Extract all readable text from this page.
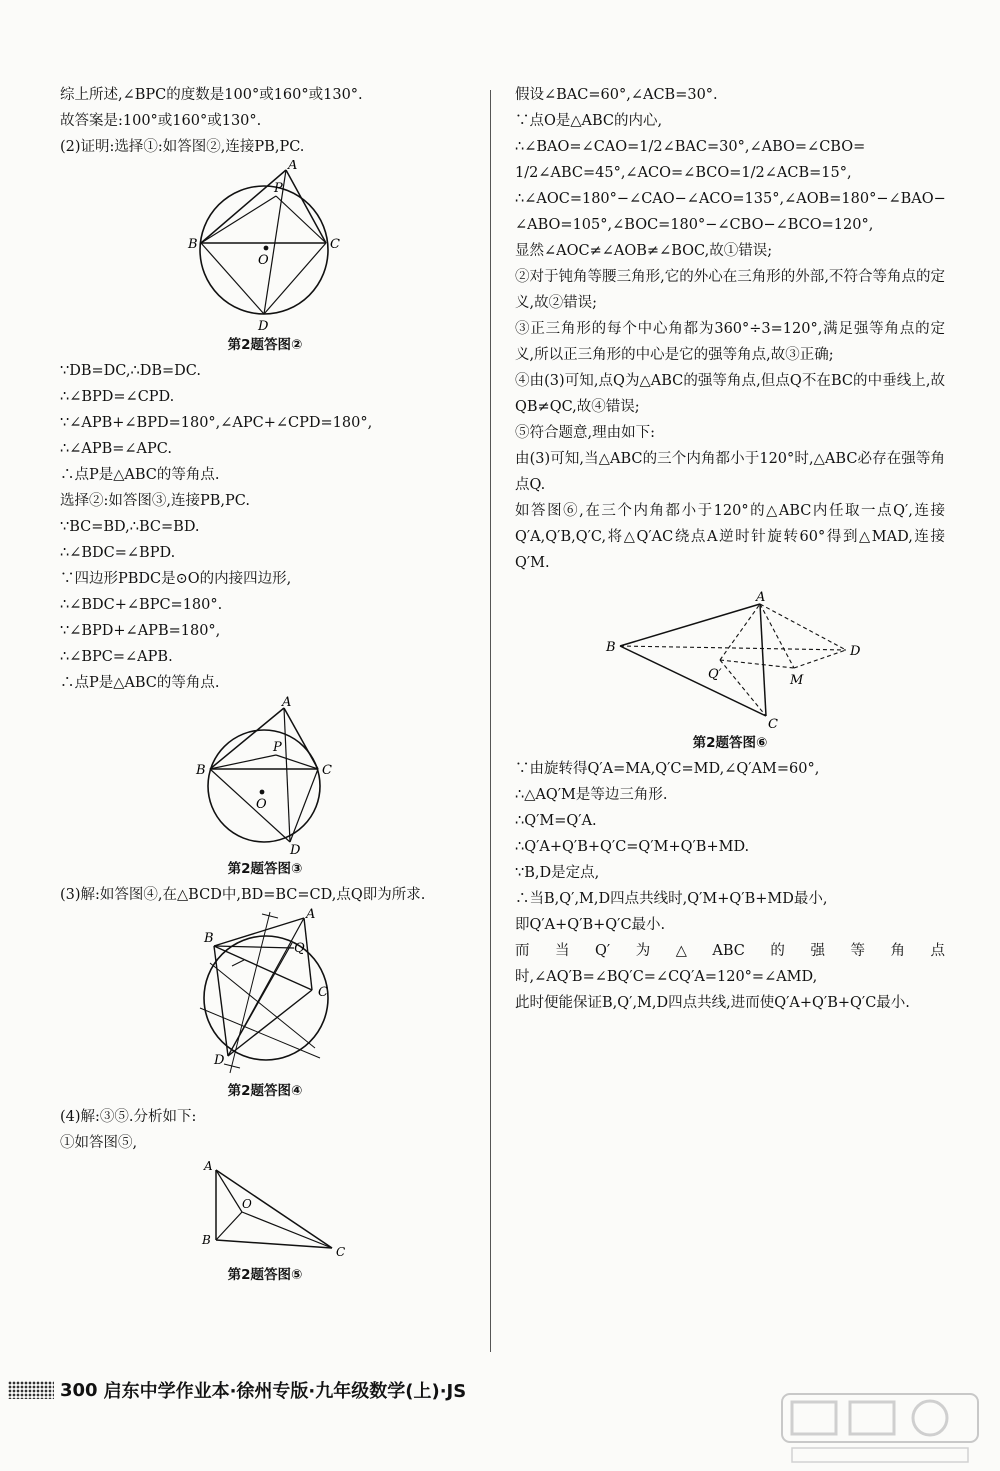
综上所述,∠BPC的度数是100°或160°或130°.
故答案是:100°或160°或130°.
(2)证明:选择①:如答图②,连接PB,PC.
A
P
B	C
O
D
第2题答图②
∵DB=DC,∴DB=DC.
∴∠BPD=∠CPD.
∵∠APB+∠BPD=180°,∠APC+∠CPD=180°,
∴∠APB=∠APC.
∴点P是△ABC的等角点.
选择②:如答图③,连接PB,PC.
∵BC=BD,∴BC=BD.
∴∠BDC=∠BPD.
∵四边形PBDC是⊙O的内接四边形,
∴∠BDC+∠BPC=180°.
∵∠BPD+∠APB=180°,
∴∠BPC=∠APB.
∴点P是△ABC的等角点.
A
P
B	C
O
D
第2题答图③
(3)解:如答图④,在△BCD中,BD=BC=CD,点Q即为所求.
A
B
Q
C
D
第2题答图④
(4)解:③⑤.分析如下:
①如答图⑤,
A
O
B
C
第2题答图⑤
假设∠BAC=60°,∠ACB=30°.
∵点O是△ABC的内心,
∴∠BAO=∠CAO=1/2∠BAC=30°,∠ABO=∠CBO=
1/2∠ABC=45°,∠ACO=∠BCO=1/2∠ACB=15°,
∴∠AOC=180°−∠CAO−∠ACO=135°,∠AOB=180°−∠BAO−
∠ABO=105°,∠BOC=180°−∠CBO−∠BCO=120°,
显然∠AOC≠∠AOB≠∠BOC,故①错误;
②对于钝角等腰三角形,它的外心在三角形的外部,不符合等角点的定义,故②错误;
③正三角形的每个中心角都为360°÷3=120°,满足强等角点的定义,所以正三角形的中心是它的强等角点,故③正确;
④由(3)可知,点Q为△ABC的强等角点,但点Q不在BC的中垂线上,故QB≠QC,故④错误;
⑤符合题意,理由如下:
由(3)可知,当△ABC的三个内角都小于120°时,△ABC必存在强等角点Q.
如答图⑥,在三个内角都小于120°的△ABC内任取一点Q′,连接Q′A,Q′B,Q′C,将△Q′AC绕点A逆时针旋转60°得到△MAD,连接Q′M.
A
B
Q′	M
D
C
第2题答图⑥
∵由旋转得Q′A=MA,Q′C=MD,∠Q′AM=60°,
∴△AQ′M是等边三角形.
∴Q′M=Q′A.
∴Q′A+Q′B+Q′C=Q′M+Q′B+MD.
∵B,D是定点,
∴当B,Q′,M,D四点共线时,Q′M+Q′B+MD最小,
即Q′A+Q′B+Q′C最小.
而当Q′为△ABC的强等角点时,∠AQ′B=∠BQ′C=∠CQ′A=120°=∠AMD,
此时便能保证B,Q′,M,D四点共线,进而使Q′A+Q′B+Q′C最小.
300 启东中学作业本·徐州专版·九年级数学(上)·JS
